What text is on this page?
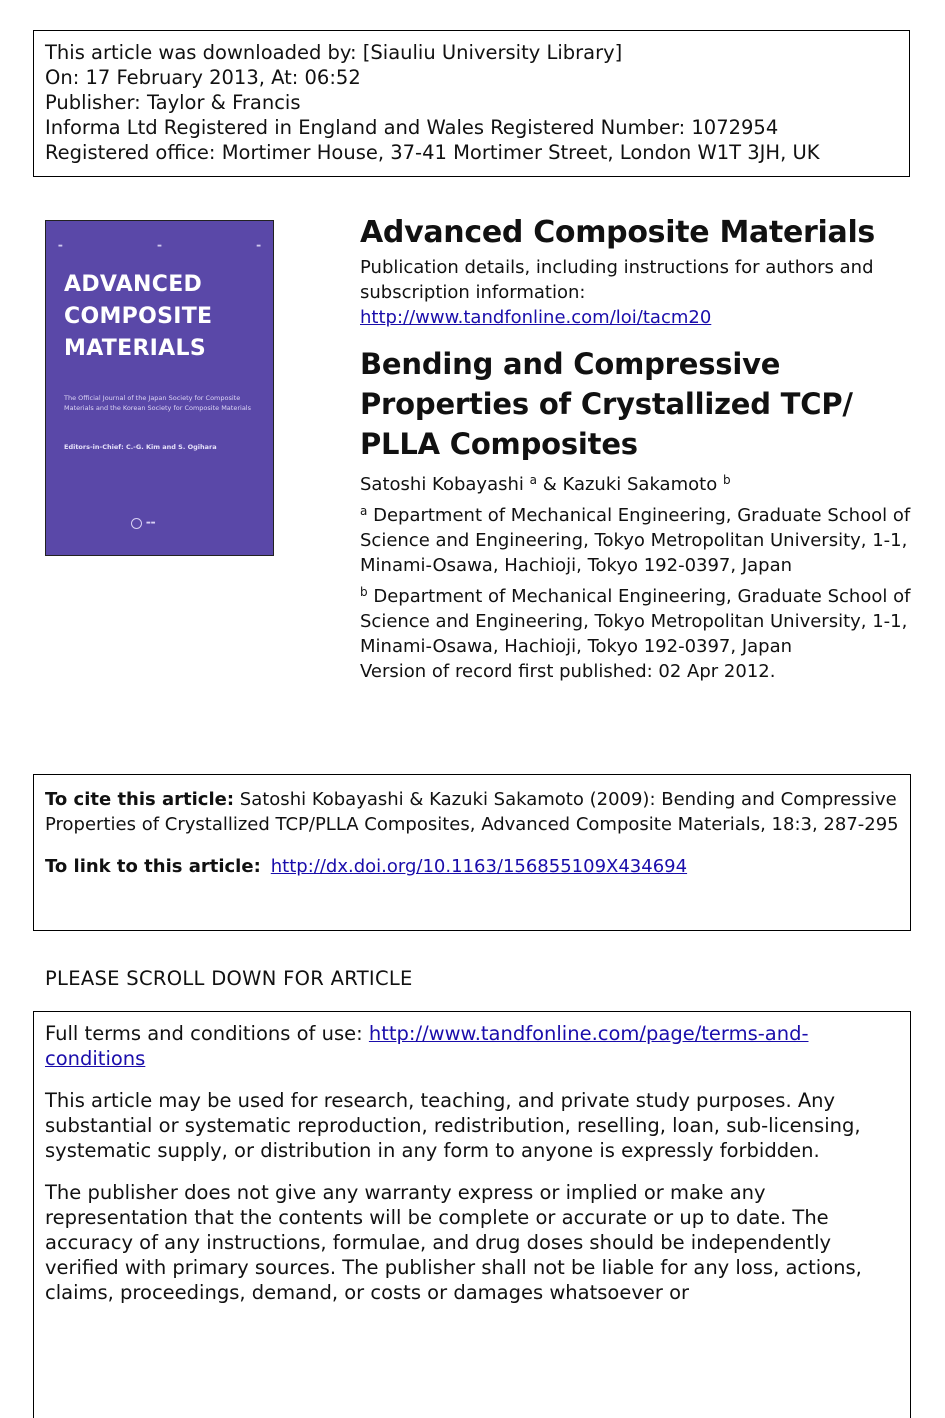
This article was downloaded by: [Siauliu University Library]
On: 17 February 2013, At: 06:52
Publisher: Taylor & Francis
Informa Ltd Registered in England and Wales Registered Number: 1072954
Registered office: Mortimer House, 37-41 Mortimer Street, London W1T 3JH, UK
▬	▬	▬
ADVANCED
COMPOSITE
MATERIALS
The Official Journal of the Japan Society for Composite Materials and the Korean Society for Composite Materials
Editors-in-Chief: C.-G. Kim and S. Ogihara
▬▬
Advanced Composite Materials
Publication details, including instructions for authors and subscription information:
http://www.tandfonline.com/loi/tacm20
Bending and Compressive Properties of Crystallized TCP/ PLLA Composites
Satoshi Kobayashi $^a$ & Kazuki Sakamoto $^b$
$^a$ Department of Mechanical Engineering, Graduate School of Science and Engineering, Tokyo Metropolitan University, 1-1, Minami-Osawa, Hachioji, Tokyo 192-0397, Japan
$^b$ Department of Mechanical Engineering, Graduate School of Science and Engineering, Tokyo Metropolitan University, 1-1, Minami-Osawa, Hachioji, Tokyo 192-0397, Japan
Version of record first published: 02 Apr 2012.
To cite this article: Satoshi Kobayashi & Kazuki Sakamoto (2009): Bending and Compressive Properties of Crystallized TCP/PLLA Composites, Advanced Composite Materials, 18:3, 287-295
To link to this article: http://dx.doi.org/10.1163/156855109X434694
PLEASE SCROLL DOWN FOR ARTICLE

Full terms and conditions of use: http://www.tandfonline.com/page/terms-and-conditions

This article may be used for research, teaching, and private study purposes. Any substantial or systematic reproduction, redistribution, reselling, loan, sub-licensing, systematic supply, or distribution in any form to anyone is expressly forbidden.

The publisher does not give any warranty express or implied or make any representation that the contents will be complete or accurate or up to date. The accuracy of any instructions, formulae, and drug doses should be independently verified with primary sources. The publisher shall not be liable for any loss, actions, claims, proceedings, demand, or costs or damages whatsoever or
